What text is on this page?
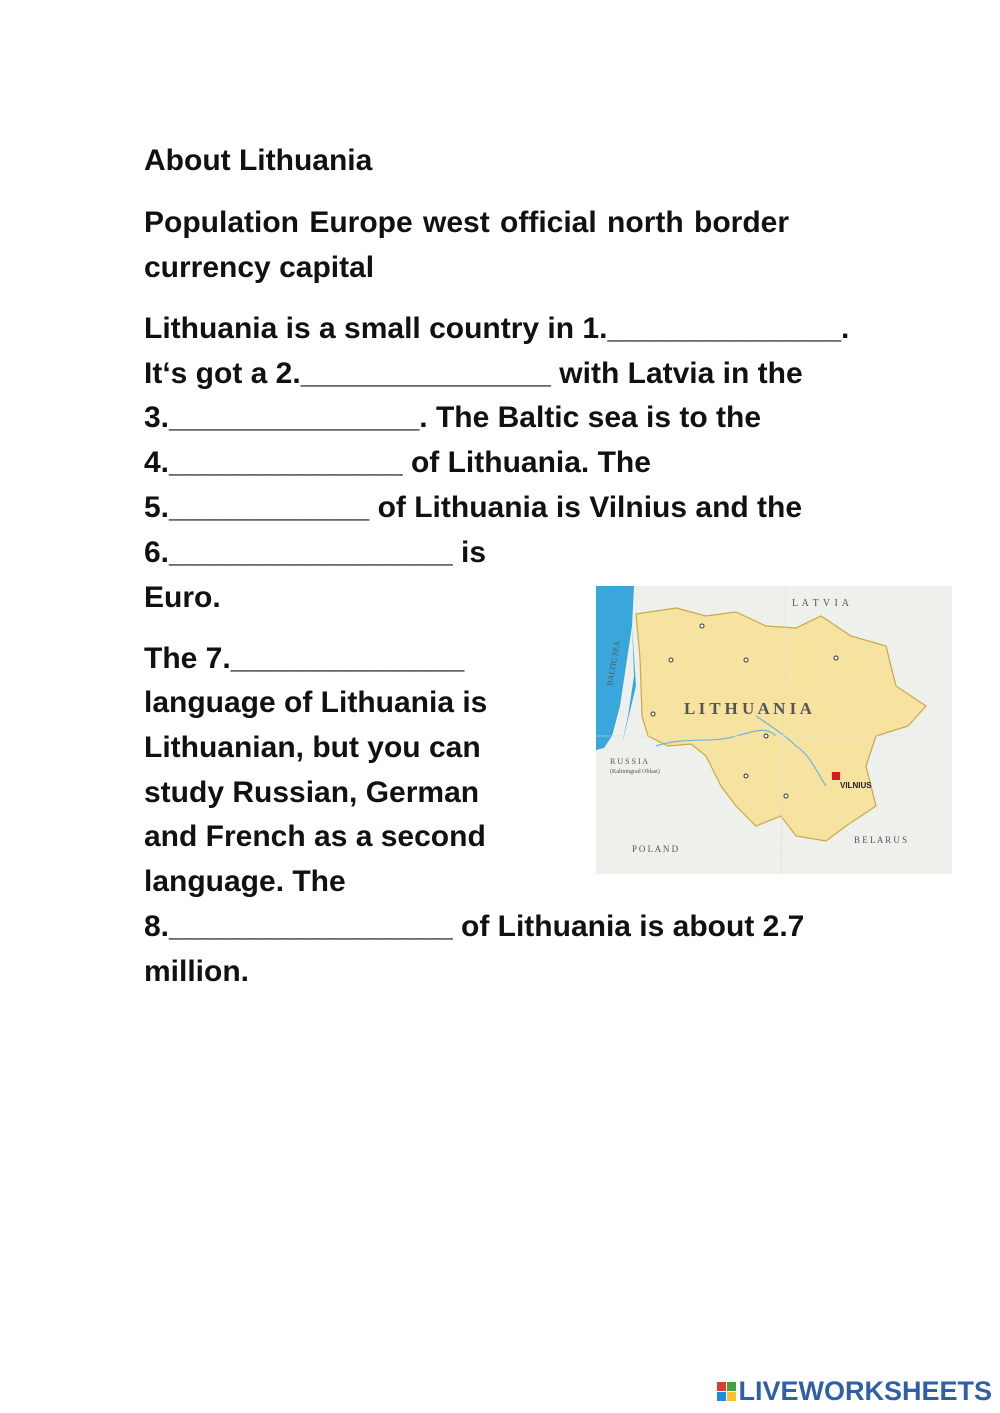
About Lithuania
Population Europe west official north border
currency capital
Lithuania is a small country in 1.______________.
It‘s got a 2._______________ with Latvia in the
3._______________. The Baltic sea is to the
4.______________ of Lithuania. The
5.____________ of Lithuania is Vilnius and the
6._________________ is
Euro.
The 7.______________
language of Lithuania is
Lithuanian, but you can
study Russian, German
and French as a second
language. The
8._________________ of Lithuania is about 2.7
million.
L A T V I A
L I T H U A N I A
BALTIC SEA
R U S S I A
(Kaliningrad Oblast)
VILNIUS
P O L A N D
B E L A R U S
LIVEWORKSHEETS
